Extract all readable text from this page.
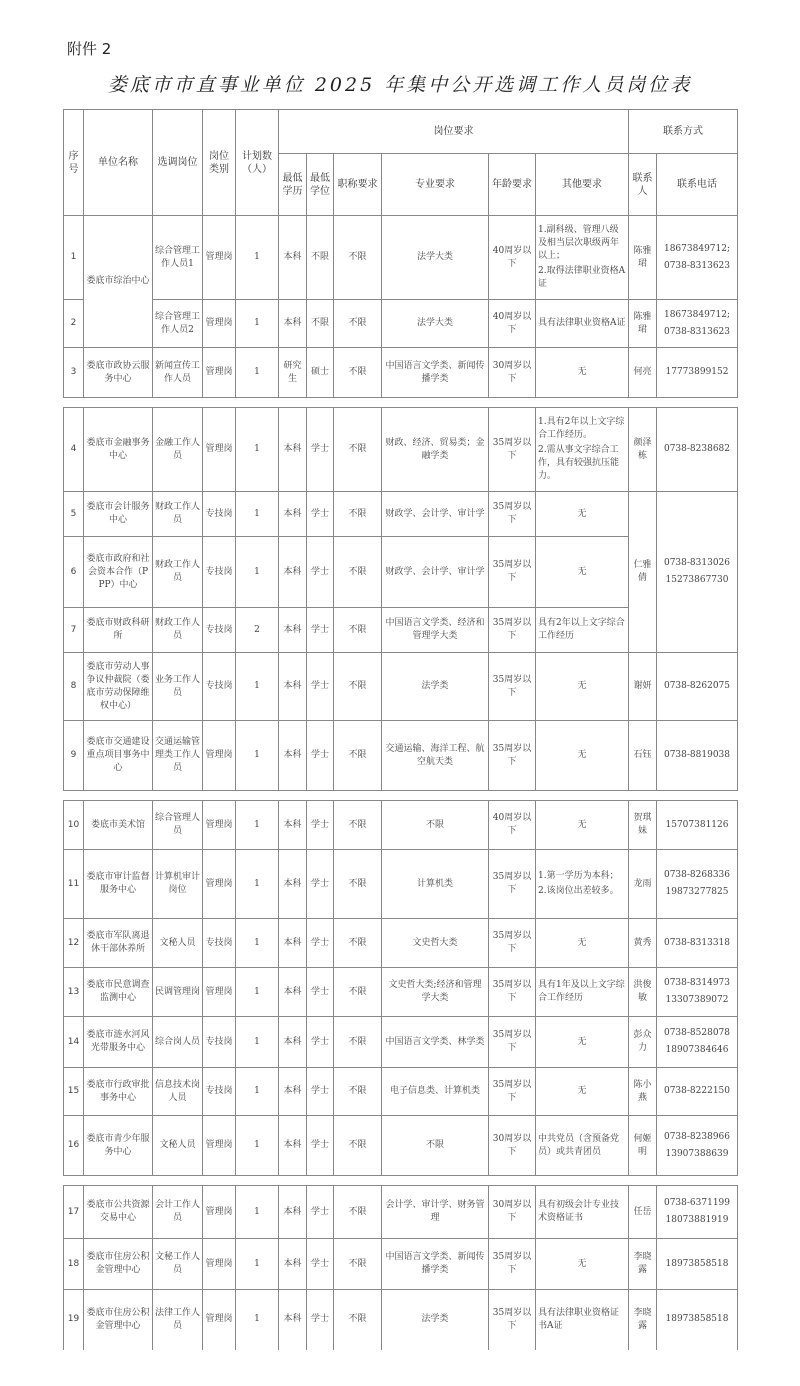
附件 2
娄底市市直事业单位 2025 年集中公开选调工作人员岗位表
序号	单位名称	选调岗位	岗位类别	计划数（人）	岗位要求						联系方式	
					最低学历	最低学位	职称要求	专业要求	年龄要求	其他要求	联系人	联系电话
1	娄底市综治中心	综合管理工作人员1	管理岗	1	本科	不限	不限	法学大类	40周岁以下	1.副科级、管理八级及相当层次职级两年以上；
2.取得法律职业资格A证	陈雅珺	18673849712;
0738-8313623

2		综合管理工作人员2	管理岗	1	本科	不限	不限	法学大类	40周岁以下	具有法律职业资格A证	陈雅珺	18673849712;
0738-8313623

3	娄底市政协云服务中心	新闻宣传工作人员	管理岗	1	研究生	硕士	不限	中国语言文学类、新闻传播学类	30周岁以下	无	何亮	17773899152
4	娄底市金融事务中心	金融工作人员	管理岗	1	本科	学士	不限	财政、经济、贸易类；金融学类	35周岁以下	1.具有2年以上文字综合工作经历。
2.需从事文字综合工作，具有较强抗压能力。	颜泽栋	0738-8238682

5	娄底市会计服务中心	财政工作人员	专技岗	1	本科	学士	不限	财政学、会计学、审计学	35周岁以下	无	仁雅倩	0738-8313026
15273867730

6	娄底市政府和社会资本合作（PPP）中心	财政工作人员	专技岗	1	本科	学士	不限	财政学、会计学、审计学	35周岁以下	无		
7	娄底市财政科研所	财政工作人员	专技岗	2	本科	学士	不限	中国语言文学类、经济和管理学大类	35周岁以下	具有2年以上文字综合工作经历		

8	娄底市劳动人事争议仲裁院（娄底市劳动保障维权中心）	业务工作人员	专技岗	1	本科	学士	不限	法学类	35周岁以下	无	谢妍	0738-8262075

9	娄底市交通建设重点项目事务中心	交通运输管理类工作人员	管理岗	1	本科	学士	不限	交通运输、海洋工程、航空航天类	35周岁以下	无	石钰	0738-8819038
10	娄底市美术馆	综合管理人员	管理岗	1	本科	学士	不限	不限	40周岁以下	无	贺琪妹	15707381126

11	娄底市审计监督服务中心	计算机审计岗位	管理岗	1	本科	学士	不限	计算机类	35周岁以下	1.第一学历为本科；
2.该岗位出差较多。	龙雨	0738-8268336
19873277825

12	娄底市军队离退休干部休养所	文秘人员	专技岗	1	本科	学士	不限	文史哲大类	35周岁以下	无	黄秀	0738-8313318

13	娄底市民意调查监测中心	民调管理岗	管理岗	1	本科	学士	不限	文史哲大类;经济和管理学大类	35周岁以下	具有1年及以上文字综合工作经历	洪俊敏	0738-8314973
13307389072

14	娄底市涟水河风光带服务中心	综合岗人员	专技岗	1	本科	学士	不限	中国语言文学类、林学类	35周岁以下	无	彭众力	0738-8528078
18907384646

15	娄底市行政审批事务中心	信息技术岗人员	专技岗	1	本科	学士	不限	电子信息类、计算机类	35周岁以下	无	陈小燕	0738-8222150

16	娄底市青少年服务中心	文秘人员	管理岗	1	本科	学士	不限	不限	30周岁以下	中共党员（含预备党员）或共青团员	何姬明	0738-8238966
13907388639
17	娄底市公共资源交易中心	会计工作人员	管理岗	1	本科	学士	不限	会计学、审计学、财务管理	30周岁以下	具有初级会计专业技术资格证书	任岳	0738-6371199
18073881919

18	娄底市住房公积金管理中心	文秘工作人员	管理岗	1	本科	学士	不限	中国语言文学类、新闻传播学类	35周岁以下	无	李晓露	18973858518

19	娄底市住房公积金管理中心	法律工作人员	管理岗	1	本科	学士	不限	法学类	35周岁以下	具有法律职业资格证书A证	李晓露	18973858518
